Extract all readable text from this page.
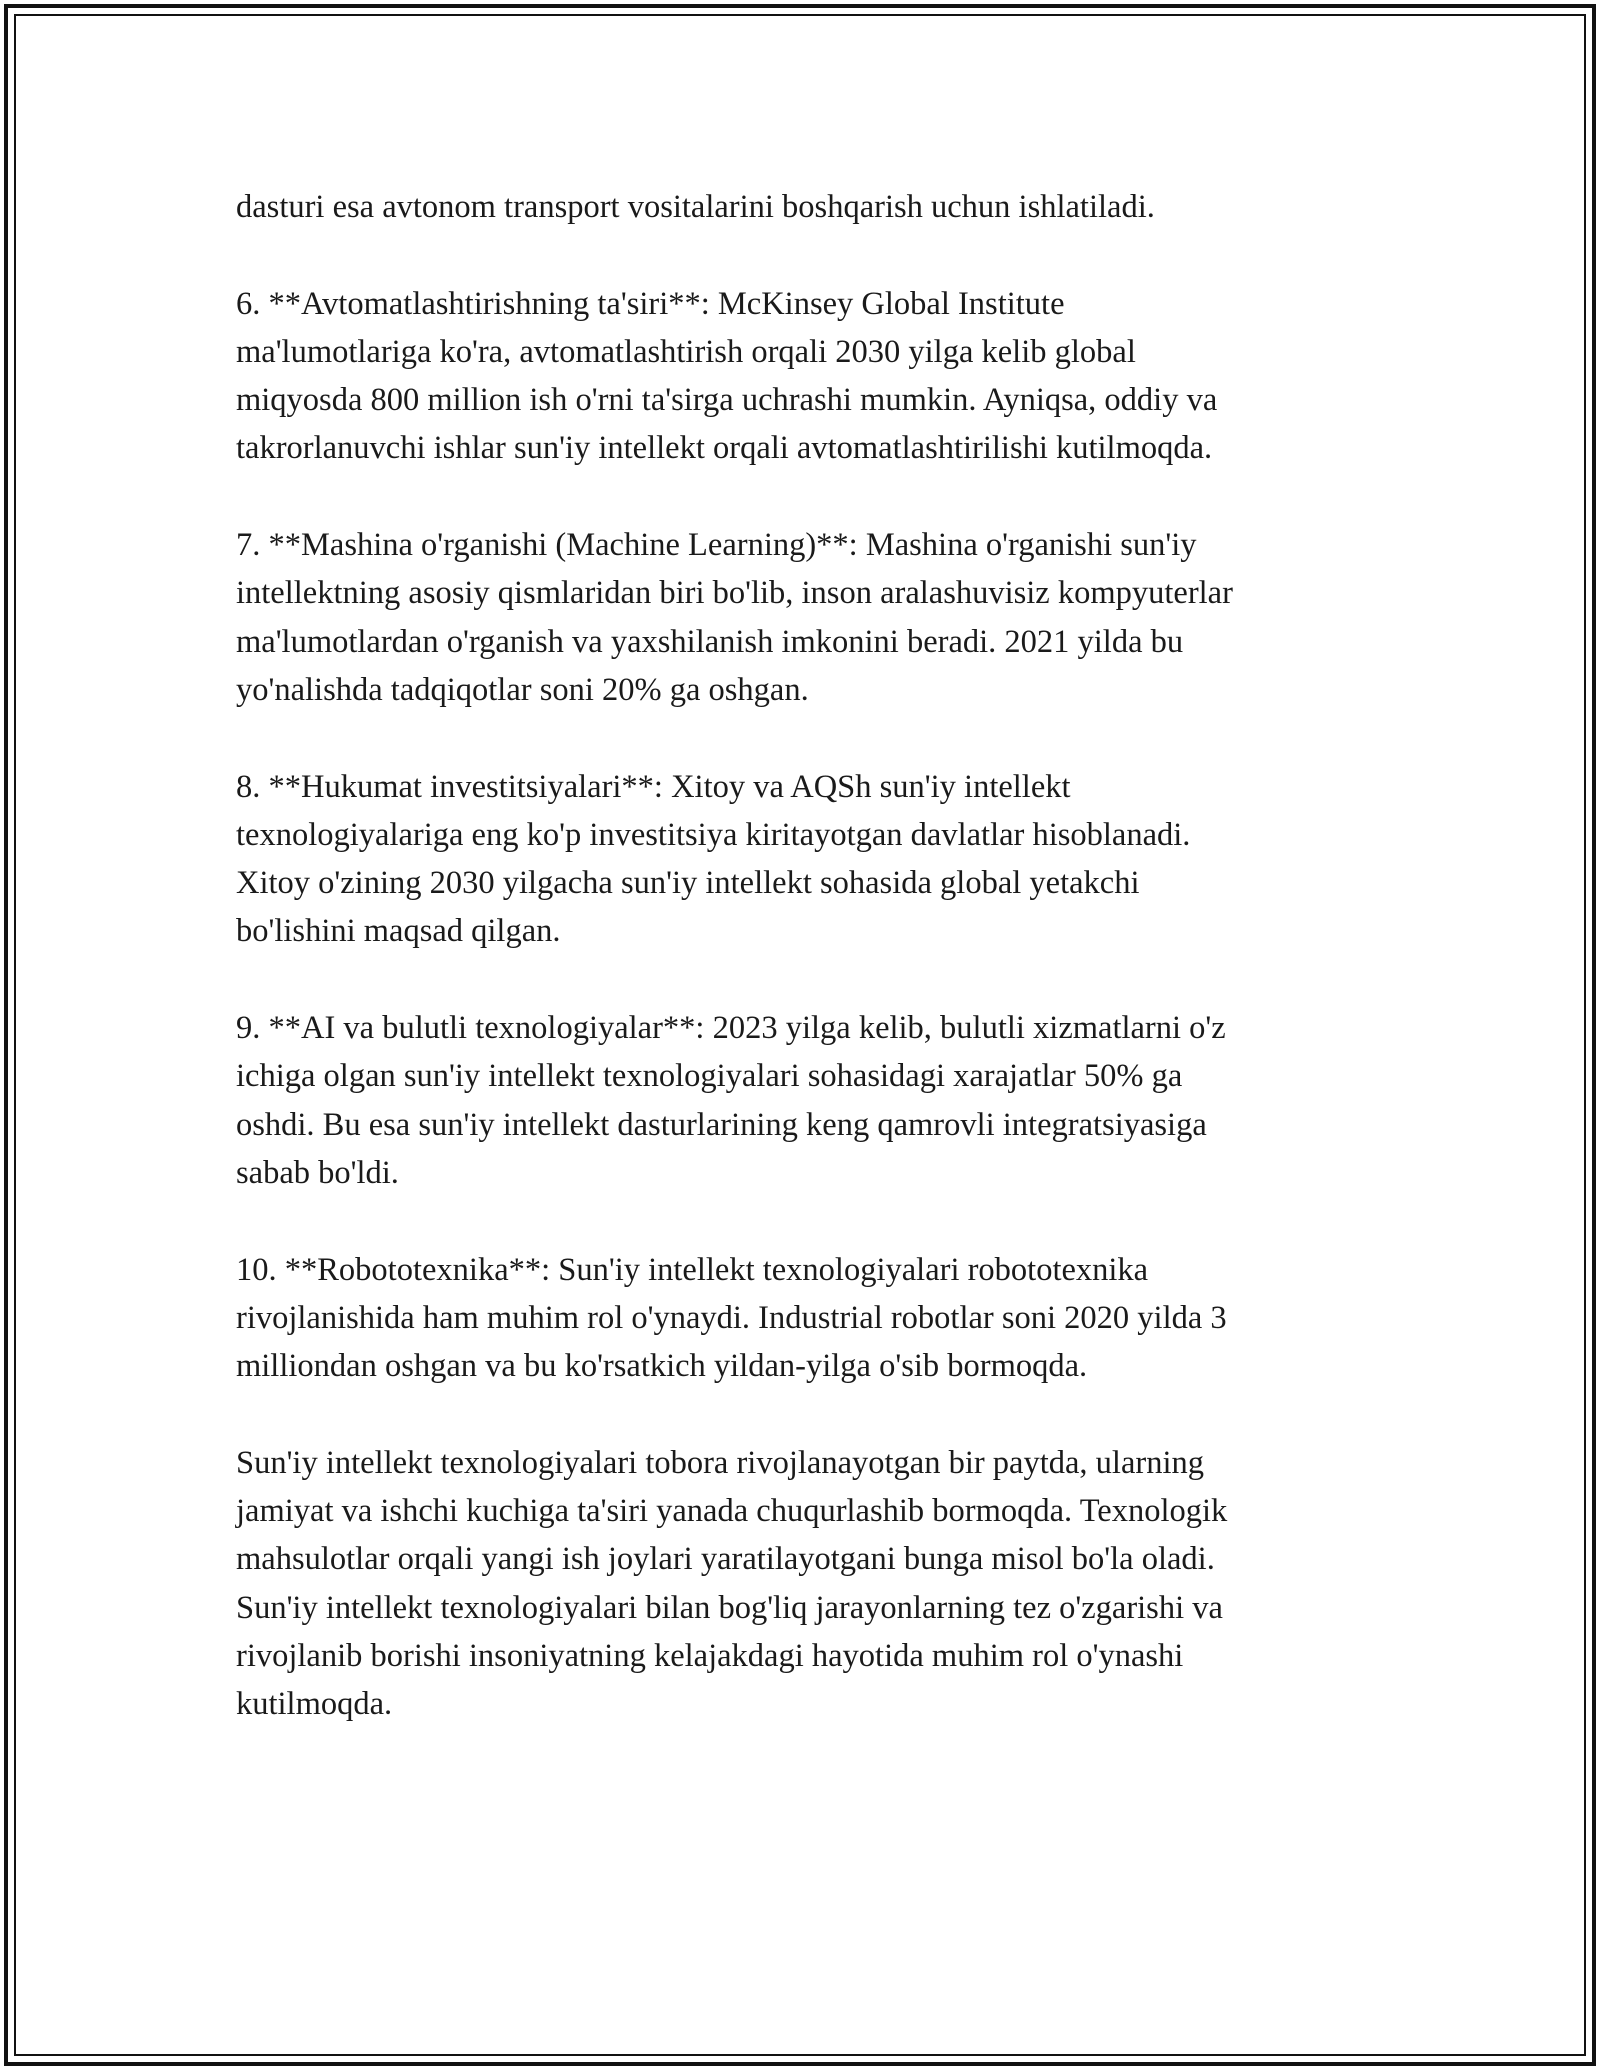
dasturi esa avtonom transport vositalarini boshqarish uchun ishlatiladi.

6. **Avtomatlashtirishning ta'siri**: McKinsey Global Institute
ma'lumotlariga ko'ra, avtomatlashtirish orqali 2030 yilga kelib global
miqyosda 800 million ish o'rni ta'sirga uchrashi mumkin. Ayniqsa, oddiy va
takrorlanuvchi ishlar sun'iy intellekt orqali avtomatlashtirilishi kutilmoqda.

7. **Mashina o'rganishi (Machine Learning)**: Mashina o'rganishi sun'iy
intellektning asosiy qismlaridan biri bo'lib, inson aralashuvisiz kompyuterlar
ma'lumotlardan o'rganish va yaxshilanish imkonini beradi. 2021 yilda bu
yo'nalishda tadqiqotlar soni 20% ga oshgan.

8. **Hukumat investitsiyalari**: Xitoy va AQSh sun'iy intellekt
texnologiyalariga eng ko'p investitsiya kiritayotgan davlatlar hisoblanadi.
Xitoy o'zining 2030 yilgacha sun'iy intellekt sohasida global yetakchi
bo'lishini maqsad qilgan.

9. **AI va bulutli texnologiyalar**: 2023 yilga kelib, bulutli xizmatlarni o'z
ichiga olgan sun'iy intellekt texnologiyalari sohasidagi xarajatlar 50% ga
oshdi. Bu esa sun'iy intellekt dasturlarining keng qamrovli integratsiyasiga
sabab bo'ldi.

10. **Robototexnika**: Sun'iy intellekt texnologiyalari robototexnika
rivojlanishida ham muhim rol o'ynaydi. Industrial robotlar soni 2020 yilda 3
milliondan oshgan va bu ko'rsatkich yildan-yilga o'sib bormoqda.

Sun'iy intellekt texnologiyalari tobora rivojlanayotgan bir paytda, ularning
jamiyat va ishchi kuchiga ta'siri yanada chuqurlashib bormoqda. Texnologik
mahsulotlar orqali yangi ish joylari yaratilayotgani bunga misol bo'la oladi.
Sun'iy intellekt texnologiyalari bilan bog'liq jarayonlarning tez o'zgarishi va
rivojlanib borishi insoniyatning kelajakdagi hayotida muhim rol o'ynashi
kutilmoqda.
